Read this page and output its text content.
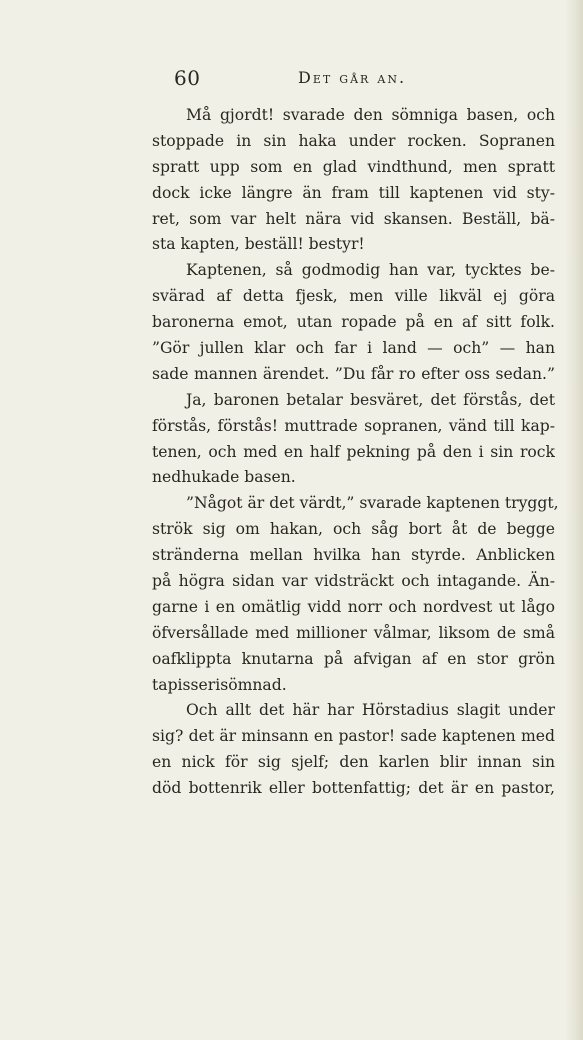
60	Det går an.
Må gjordt! svarade den sömniga basen, och
stoppade in sin haka under rocken. Sopranen
spratt upp som en glad vindthund, men spratt
dock icke längre än fram till kaptenen vid sty-
ret, som var helt nära vid skansen. Beställ, bä-
sta kapten, beställ! bestyr!
Kaptenen, så godmodig han var, tycktes be-
svärad af detta fjesk, men ville likväl ej göra
baronerna emot, utan ropade på en af sitt folk.
”Gör jullen klar och far i land — och” — han
sade mannen ärendet. ”Du får ro efter oss sedan.”
Ja, baronen betalar besväret, det förstås, det
förstås, förstås! muttrade sopranen, vänd till kap-
tenen, och med en half pekning på den i sin rock
nedhukade basen.
”Något är det värdt,” svarade kaptenen tryggt,
strök sig om hakan, och såg bort åt de begge
stränderna mellan hvilka han styrde. Anblicken
på högra sidan var vidsträckt och intagande. Än-
garne i en omätlig vidd norr och nordvest ut lågo
öfversållade med millioner vålmar, liksom de små
oafklippta knutarna på afvigan af en stor grön
tapisserisömnad.
Och allt det här har Hörstadius slagit under
sig? det är minsann en pastor! sade kaptenen med
en nick för sig sjelf; den karlen blir innan sin
död bottenrik eller bottenfattig; det är en pastor,
